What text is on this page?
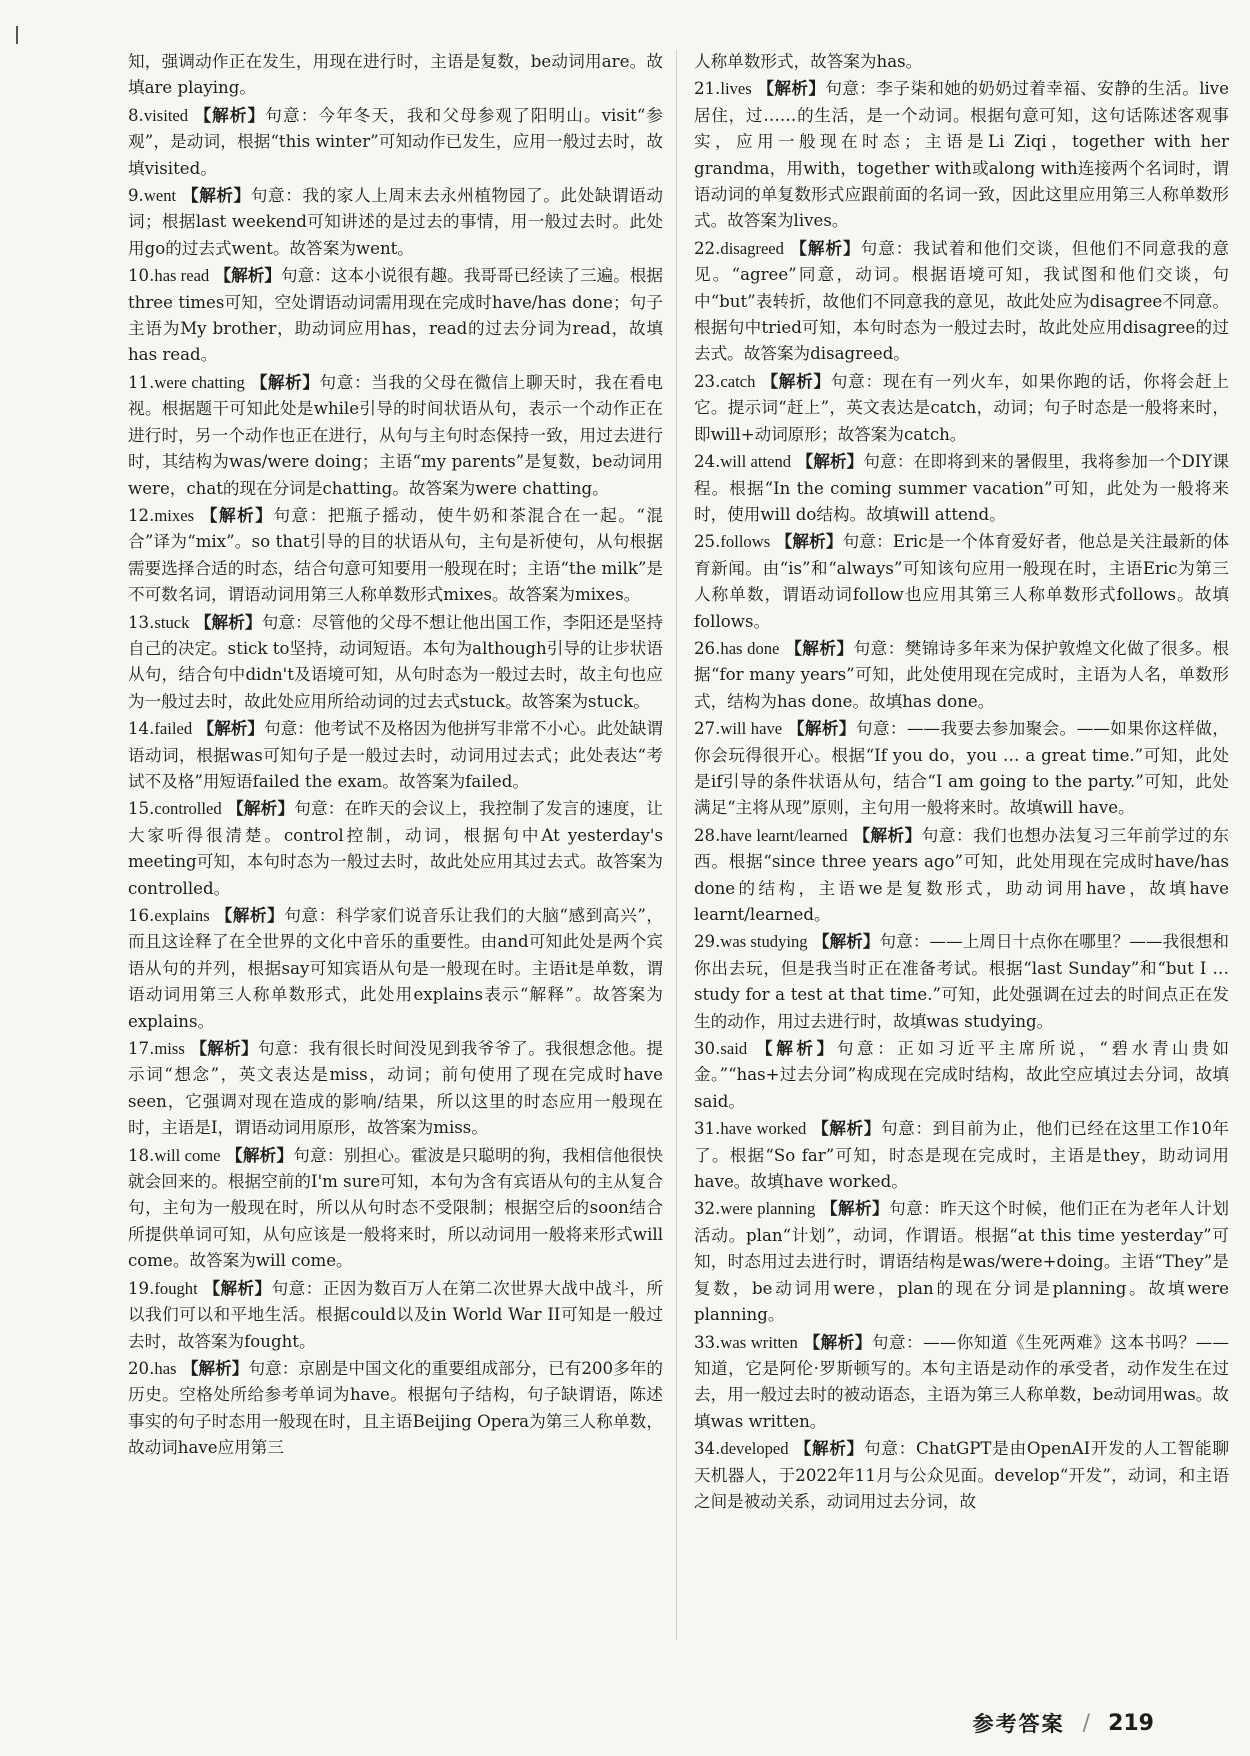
知，强调动作正在发生，用现在进行时，主语是复数，be动词用are。故填are playing。

8.visited 【解析】句意：今年冬天，我和父母参观了阳明山。visit“参观”，是动词，根据“this winter”可知动作已发生，应用一般过去时，故填visited。

9.went 【解析】句意：我的家人上周末去永州植物园了。此处缺谓语动词；根据last weekend可知讲述的是过去的事情，用一般过去时。此处用go的过去式went。故答案为went。

10.has read 【解析】句意：这本小说很有趣。我哥哥已经读了三遍。根据three times可知，空处谓语动词需用现在完成时have/has done；句子主语为My brother，助动词应用has，read的过去分词为read，故填has read。

11.were chatting 【解析】句意：当我的父母在微信上聊天时，我在看电视。根据题干可知此处是while引导的时间状语从句，表示一个动作正在进行时，另一个动作也正在进行，从句与主句时态保持一致，用过去进行时，其结构为was/were doing；主语“my parents”是复数，be动词用were，chat的现在分词是chatting。故答案为were chatting。

12.mixes 【解析】句意：把瓶子摇动，使牛奶和茶混合在一起。“混合”译为“mix”。so that引导的目的状语从句，主句是祈使句，从句根据需要选择合适的时态，结合句意可知要用一般现在时；主语“the milk”是不可数名词，谓语动词用第三人称单数形式mixes。故答案为mixes。

13.stuck 【解析】句意：尽管他的父母不想让他出国工作，李阳还是坚持自己的决定。stick to坚持，动词短语。本句为although引导的让步状语从句，结合句中didn't及语境可知，从句时态为一般过去时，故主句也应为一般过去时，故此处应用所给动词的过去式stuck。故答案为stuck。

14.failed 【解析】句意：他考试不及格因为他拼写非常不小心。此处缺谓语动词，根据was可知句子是一般过去时，动词用过去式；此处表达“考试不及格”用短语failed the exam。故答案为failed。

15.controlled 【解析】句意：在昨天的会议上，我控制了发言的速度，让大家听得很清楚。control控制，动词，根据句中At yesterday's meeting可知，本句时态为一般过去时，故此处应用其过去式。故答案为controlled。

16.explains 【解析】句意：科学家们说音乐让我们的大脑“感到高兴”，而且这诠释了在全世界的文化中音乐的重要性。由and可知此处是两个宾语从句的并列，根据say可知宾语从句是一般现在时。主语it是单数，谓语动词用第三人称单数形式，此处用explains表示“解释”。故答案为explains。

17.miss 【解析】句意：我有很长时间没见到我爷爷了。我很想念他。提示词“想念”，英文表达是miss，动词；前句使用了现在完成时have seen，它强调对现在造成的影响/结果，所以这里的时态应用一般现在时，主语是I，谓语动词用原形，故答案为miss。

18.will come 【解析】句意：别担心。霍波是只聪明的狗，我相信他很快就会回来的。根据空前的I'm sure可知，本句为含有宾语从句的主从复合句，主句为一般现在时，所以从句时态不受限制；根据空后的soon结合所提供单词可知，从句应该是一般将来时，所以动词用一般将来形式will come。故答案为will come。

19.fought 【解析】句意：正因为数百万人在第二次世界大战中战斗，所以我们可以和平地生活。根据could以及in World War II可知是一般过去时，故答案为fought。

20.has 【解析】句意：京剧是中国文化的重要组成部分，已有200多年的历史。空格处所给参考单词为have。根据句子结构，句子缺谓语，陈述事实的句子时态用一般现在时，且主语Beijing Opera为第三人称单数，故动词have应用第三

人称单数形式，故答案为has。

21.lives 【解析】句意：李子柒和她的奶奶过着幸福、安静的生活。live居住，过……的生活，是一个动词。根据句意可知，这句话陈述客观事实，应用一般现在时态；主语是Li Ziqi，together with her grandma，用with，together with或along with连接两个名词时，谓语动词的单复数形式应跟前面的名词一致，因此这里应用第三人称单数形式。故答案为lives。

22.disagreed 【解析】句意：我试着和他们交谈，但他们不同意我的意见。“agree”同意，动词。根据语境可知，我试图和他们交谈，句中“but”表转折，故他们不同意我的意见，故此处应为disagree不同意。根据句中tried可知，本句时态为一般过去时，故此处应用disagree的过去式。故答案为disagreed。

23.catch 【解析】句意：现在有一列火车，如果你跑的话，你将会赶上它。提示词“赶上”，英文表达是catch，动词；句子时态是一般将来时，即will+动词原形；故答案为catch。

24.will attend 【解析】句意：在即将到来的暑假里，我将参加一个DIY课程。根据“In the coming summer vacation”可知，此处为一般将来时，使用will do结构。故填will attend。

25.follows 【解析】句意：Eric是一个体育爱好者，他总是关注最新的体育新闻。由“is”和“always”可知该句应用一般现在时，主语Eric为第三人称单数，谓语动词follow也应用其第三人称单数形式follows。故填follows。

26.has done 【解析】句意：樊锦诗多年来为保护敦煌文化做了很多。根据“for many years”可知，此处使用现在完成时，主语为人名，单数形式，结构为has done。故填has done。

27.will have 【解析】句意：——我要去参加聚会。——如果你这样做，你会玩得很开心。根据“If you do，you … a great time.”可知，此处是if引导的条件状语从句，结合“I am going to the party.”可知，此处满足“主将从现”原则，主句用一般将来时。故填will have。

28.have learnt/learned 【解析】句意：我们也想办法复习三年前学过的东西。根据“since three years ago”可知，此处用现在完成时have/has done的结构，主语we是复数形式，助动词用have，故填have learnt/learned。

29.was studying 【解析】句意：——上周日十点你在哪里？——我很想和你出去玩，但是我当时正在准备考试。根据“last Sunday”和“but I … study for a test at that time.”可知，此处强调在过去的时间点正在发生的动作，用过去进行时，故填was studying。

30.said 【解析】句意：正如习近平主席所说，“碧水青山贵如金。”“has+过去分词”构成现在完成时结构，故此空应填过去分词，故填said。

31.have worked 【解析】句意：到目前为止，他们已经在这里工作10年了。根据“So far”可知，时态是现在完成时，主语是they，助动词用have。故填have worked。

32.were planning 【解析】句意：昨天这个时候，他们正在为老年人计划活动。plan“计划”，动词，作谓语。根据“at this time yesterday”可知，时态用过去进行时，谓语结构是was/were+doing。主语“They”是复数，be动词用were，plan的现在分词是planning。故填were planning。

33.was written 【解析】句意：——你知道《生死两难》这本书吗？——知道，它是阿伦·罗斯顿写的。本句主语是动作的承受者，动作发生在过去，用一般过去时的被动语态，主语为第三人称单数，be动词用was。故填was written。

34.developed 【解析】句意：ChatGPT是由OpenAI开发的人工智能聊天机器人，于2022年11月与公众见面。develop“开发”，动词，和主语之间是被动关系，动词用过去分词，故

参考答案 / 219
